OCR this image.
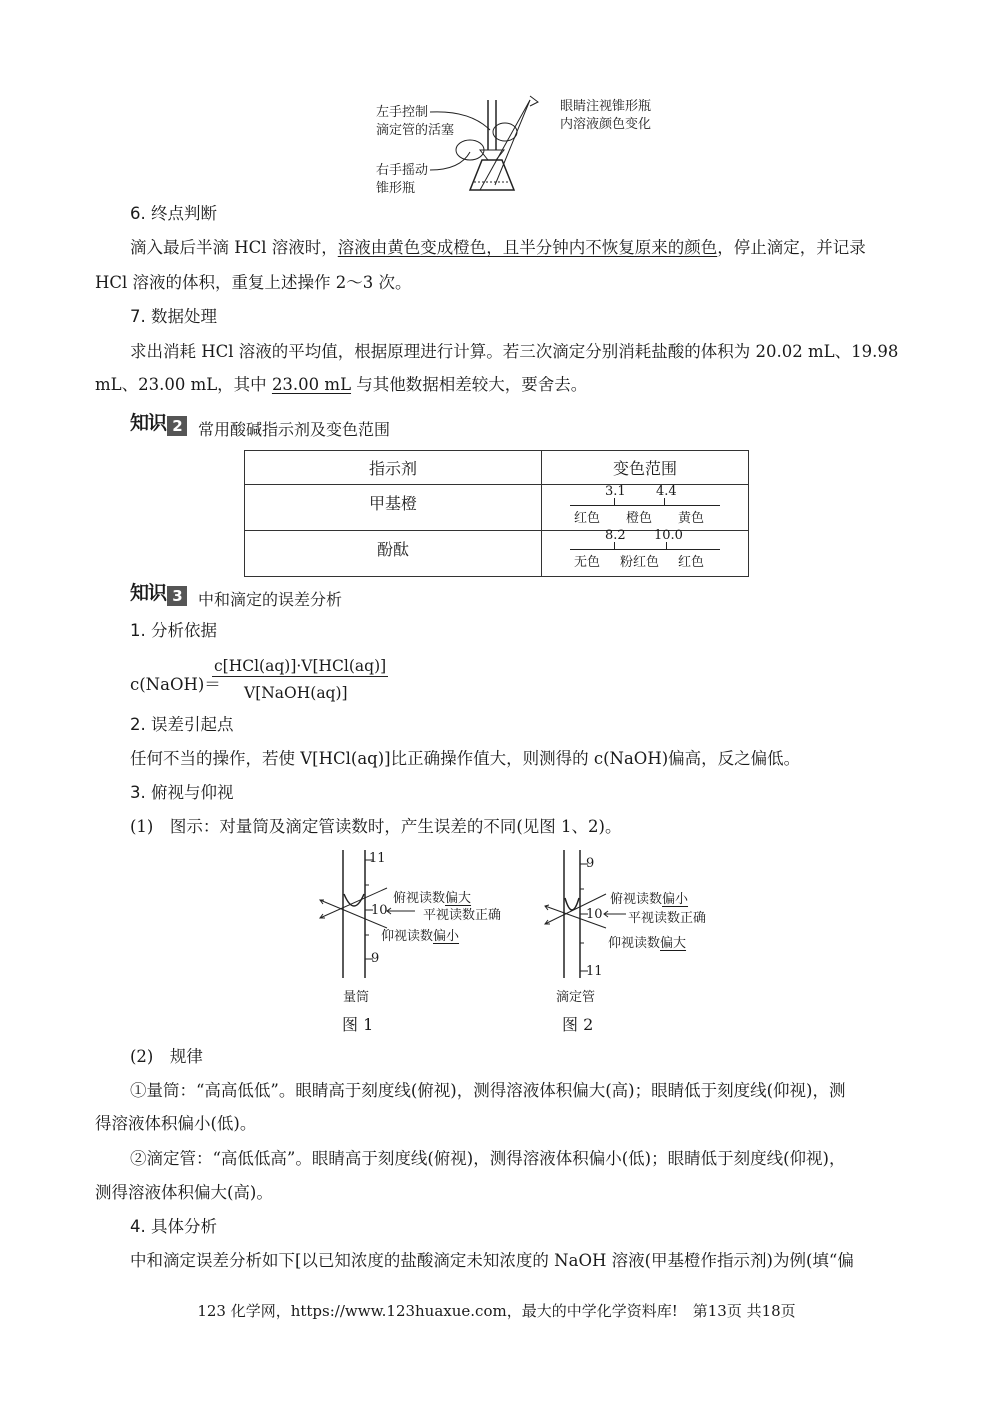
左手控制
滴定管的活塞
右手摇动
锥形瓶
眼睛注视锥形瓶
内溶液颜色变化
6. 终点判断
滴入最后半滴 HCl 溶液时，溶液由黄色变成橙色，且半分钟内不恢复原来的颜色，停止滴定，并记录
HCl 溶液的体积，重复上述操作 2～3 次。
7. 数据处理
求出消耗 HCl 溶液的平均值，根据原理进行计算。若三次滴定分别消耗盐酸的体积为 20.02 mL、19.98
mL、23.00 mL，其中 23.00 mL 与其他数据相差较大，要舍去。
知识 2	常用酸碱指示剂及变色范围
指示剂	变色范围
甲基橙	3.1 4.4
红色 橙色 黄色

酚酞	8.2 10.0
无色 粉红色 红色
知识 3	中和滴定的误差分析
1. 分析依据
c(NaOH)＝
c[HCl(aq)]·V[HCl(aq)]
V[NaOH(aq)]
2. 误差引起点
任何不当的操作，若使 V[HCl(aq)]比正确操作值大，则测得的 c(NaOH)偏高，反之偏低。
3. 俯视与仰视
(1)　图示：对量筒及滴定管读数时，产生误差的不同(见图 1、2)。
11
10
9
俯视读数偏大
平视读数正确
仰视读数偏小
量筒
图 1
9
10
11
俯视读数偏小
平视读数正确
仰视读数偏大
滴定管
图 2
(2)　规律
①量筒：“高高低低”。眼睛高于刻度线(俯视)，测得溶液体积偏大(高)；眼睛低于刻度线(仰视)，测
得溶液体积偏小(低)。
②滴定管：“高低低高”。眼睛高于刻度线(俯视)，测得溶液体积偏小(低)；眼睛低于刻度线(仰视)，
测得溶液体积偏大(高)。
4. 具体分析
中和滴定误差分析如下[以已知浓度的盐酸滴定未知浓度的 NaOH 溶液(甲基橙作指示剂)为例(填“偏
123 化学网，https://www.123huaxue.com，最大的中学化学资料库!　第13页 共18页
